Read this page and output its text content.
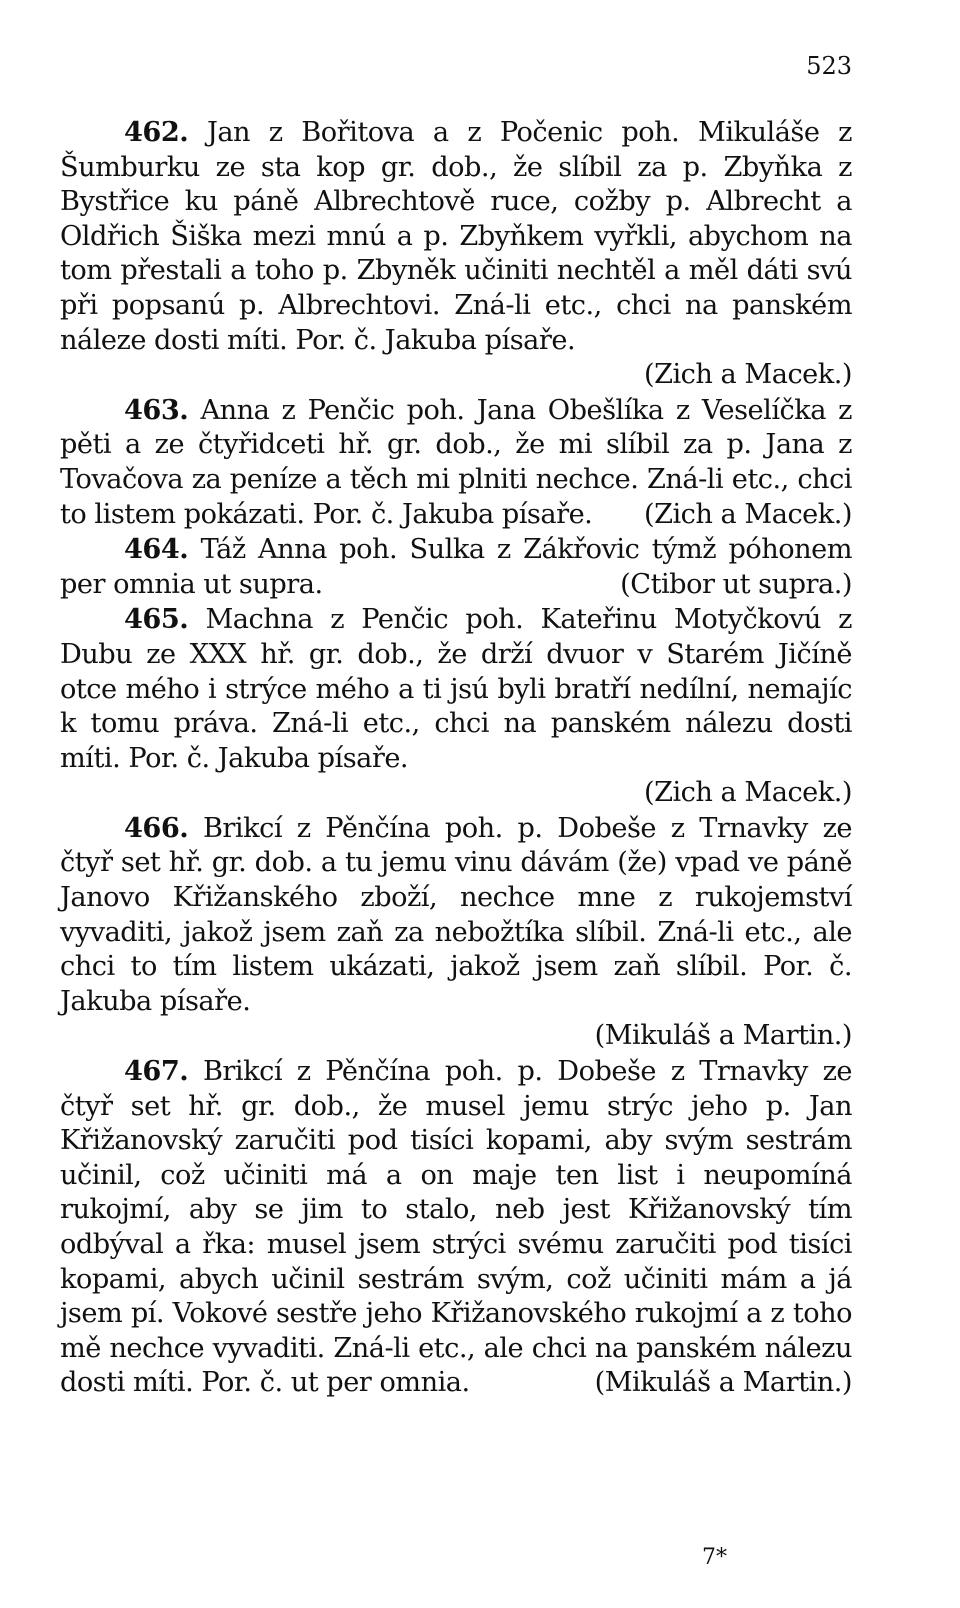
523

462. Jan z Bořitova a z Počenic poh. Mikuláše z Šumburku ze sta kop gr. dob., že slíbil za p. Zbyňka z Bystřice ku páně Albrechtově ruce, cožby p. Albrecht a Oldřich Šiška mezi mnú a p. Zbyňkem vyřkli, abychom na tom přestali a toho p. Zbyněk učiniti nechtěl a měl dáti svú při popsanú p. Albrechtovi. Zná-li etc., chci na panském náleze dosti míti. Por. č. Jakuba písaře.
(Zich a Macek.)

463. Anna z Penčic poh. Jana Obešlíka z Veselíčka z pěti a ze čtyřidceti hř. gr. dob., že mi slíbil za p. Jana z Tovačova za peníze a těch mi plniti nechce. Zná-li etc., chci to listem pokázati. Por. č. Jakuba písaře. (Zich a Macek.)

464. Táž Anna poh. Sulka z Zákřovic týmž póhonem per omnia ut supra.	(Ctibor ut supra.)

465. Machna z Penčic poh. Kateřinu Motyčkovú z Dubu ze XXX hř. gr. dob., že drží dvuor v Starém Jičíně otce mého i strýce mého a ti jsú byli bratří nedílní, nemajíc k tomu práva. Zná-li etc., chci na panském nálezu dosti míti. Por. č. Jakuba písaře.
(Zich a Macek.)

466. Brikcí z Pěnčína poh. p. Dobeše z Trnavky ze čtyř set hř. gr. dob. a tu jemu vinu dávám (že) vpad ve páně Janovo Křižanského zboží, nechce mne z rukojemství vyvaditi, jakož jsem zaň za nebožtíka slíbil. Zná-li etc., ale chci to tím listem ukázati, jakož jsem zaň slíbil. Por. č. Jakuba písaře.
(Mikuláš a Martin.)

467. Brikcí z Pěnčína poh. p. Dobeše z Trnavky ze čtyř set hř. gr. dob., že musel jemu strýc jeho p. Jan Křižanovský zaručiti pod tisíci kopami, aby svým sestrám učinil, což učiniti má a on maje ten list i neupomíná rukojmí, aby se jim to stalo, neb jest Křižanovský tím odbýval a řka: musel jsem strýci svému zaručiti pod tisíci kopami, abych učinil sestrám svým, což učiniti mám a já jsem pí. Vokové sestře jeho Křižanovského rukojmí a z toho mě nechce vyvaditi. Zná-li etc., ale chci na panském nálezu dosti míti. Por. č. ut per omnia.	(Mikuláš a Martin.)

7*
